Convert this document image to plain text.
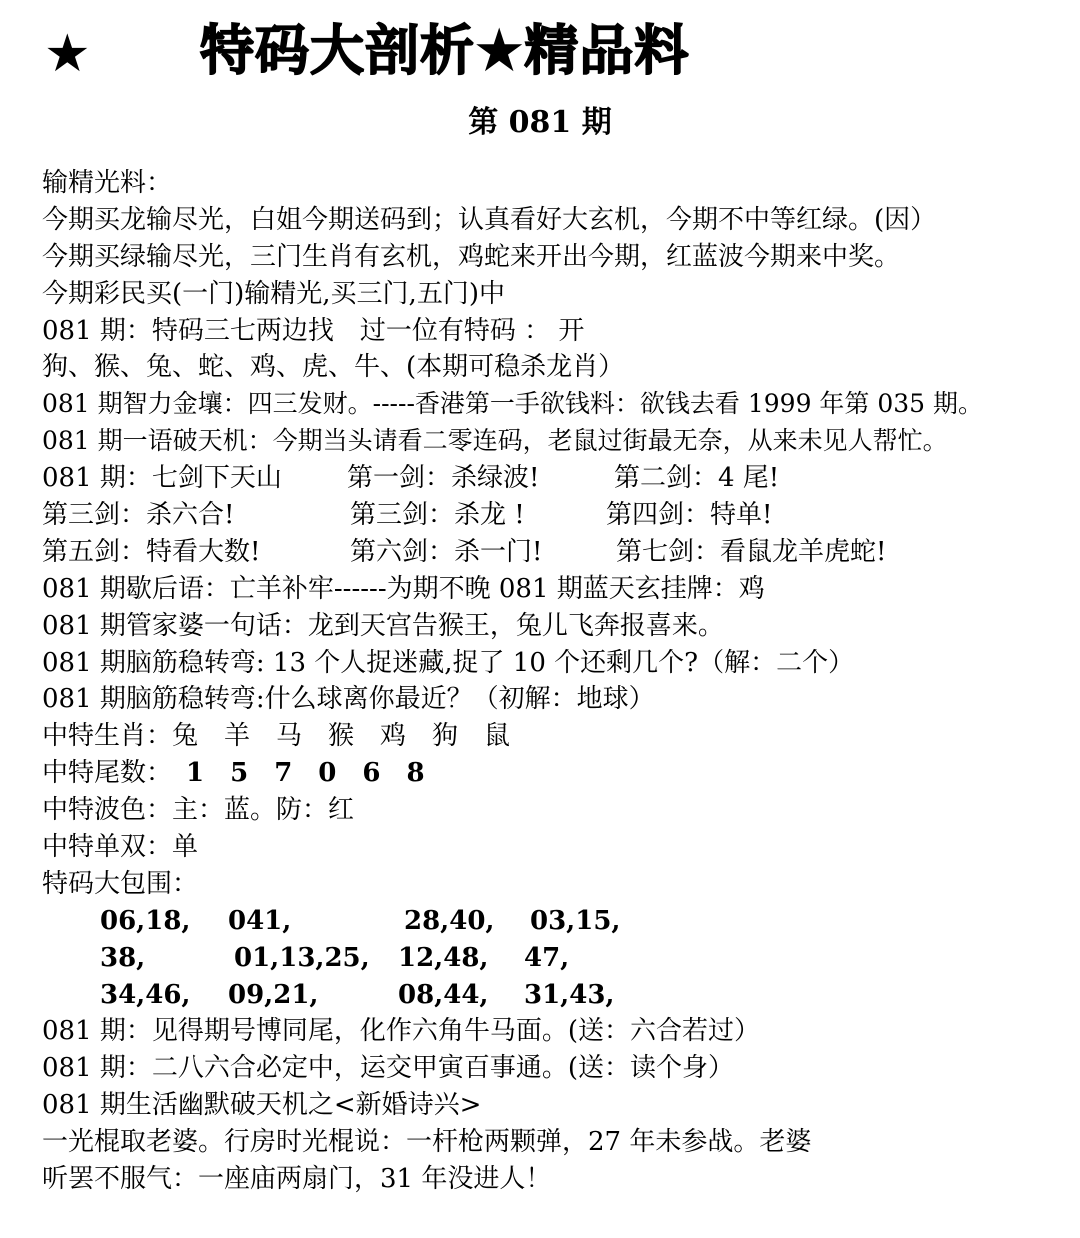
★ 特码大剖析★精品料
第 081 期
输精光料：
今期买龙输尽光，白姐今期送码到；认真看好大玄机，今期不中等红绿。(因）
今期买绿输尽光，三门生肖有玄机，鸡蛇来开出今期，红蓝波今期来中奖。
今期彩民买(一门)输精光,买三门,五门)中
081 期：特码三七两边找　过一位有特码 ： 开
狗、猴、兔、蛇、鸡、虎、牛、(本期可稳杀龙肖）
081 期智力金壤：四三发财。-----香港第一手欲钱料：欲钱去看 1999 年第 035 期。
081 期一语破天机：今期当头请看二零连码，老鼠过街最无奈，从来未见人帮忙。
081 期：七剑下天山	第一剑：杀绿波!	第二剑：4 尾!
第三剑：杀六合!	第三剑：杀龙 !	第四剑：特单!
第五剑：特看大数!	第六剑：杀一门!	第七剑：看鼠龙羊虎蛇!
081 期歇后语：亡羊补牢------为期不晚 081 期蓝天玄挂牌：鸡
081 期管家婆一句话：龙到天宫告猴王，兔儿飞奔报喜来。
081 期脑筋稳转弯: 13 个人捉迷藏,捉了 10 个还剩几个?（解：二个）
081 期脑筋稳转弯:什么球离你最近？（初解：地球）
中特生肖：兔　羊　马　猴　鸡　狗　鼠
中特尾数： 1　5　7　0　6　8
中特波色：主：蓝。防：红
中特单双：单
特码大包围：
06,18, 041,	28,40, 03,15,
38,	01,13,25, 12,48, 47,
34,46, 09,21,	08,44, 31,43,
081 期：见得期号博同尾，化作六角牛马面。(送：六合若过）
081 期：二八六合必定中，运交甲寅百事通。(送：读个身）
081 期生活幽默破天机之<新婚诗兴>
一光棍取老婆。行房时光棍说：一杆枪两颗弹，27 年未参战。老婆
听罢不服气：一座庙两扇门，31 年没进人！
